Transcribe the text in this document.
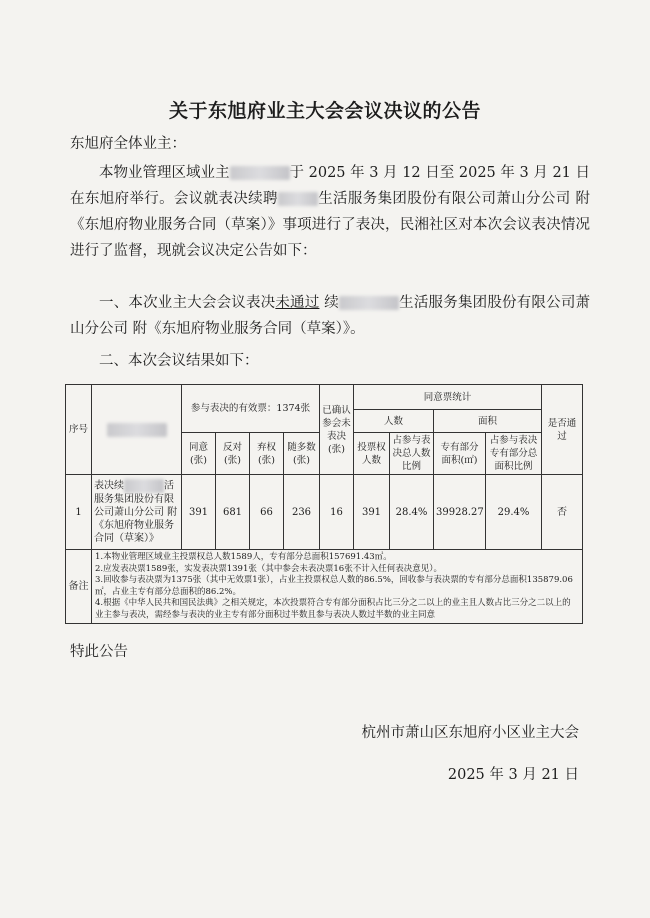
关于东旭府业主大会会议决议的公告
东旭府全体业主：
本物业管理区域业主	于 2025 年 3 月 12 日至 2025 年 3 月 21 日在东旭府举行。会议就表决续聘	生活服务集团股份有限公司萧山分公司 附《东旭府物业服务合同（草案）》事项进行了表决，民湘社区对本次会议表决情况进行了监督，现就会议决定公告如下：
一、本次业主大会会议表决未通过 续	生活服务集团股份有限公司萧山分公司 附《东旭府物业服务合同（草案）》。
二、本次会议结果如下：
序号		参与表决的有效票：1374张				已确认参会未表决(张)	同意票统计				是否通过
							人数		面积		
		同意(张)	反对(张)	弃权(张)	随多数(张)		投票权人数	占参与表决总人数比例	专有部分面积(㎡)	占参与表决专有部分总面积比例	
1	表决续 活服务集团股份有限公司萧山分公司 附《东旭府物业服务合同（草案）》	391	681	66	236	16	391	28.4%	39928.27	29.4%	否
备注	1.本物业管理区域业主投票权总人数1589人，专有部分总面积157691.43㎡。
2.应发表决票1589张，实发表决票1391张（其中参会未表决票16张不计入任何表决意见）。
3.回收参与表决票为1375张（其中无效票1张），占业主投票权总人数的86.5%，回收参与表决票的专有部分总面积135879.06㎡，占业主专有部分总面积的86.2%。
4.根据《中华人民共和国民法典》之相关规定，本次投票符合专有部分面积占比三分之二以上的业主且人数占比三分之二以上的业主参与表决，需经参与表决的业主专有部分面积过半数且参与表决人数过半数的业主同意										
特此公告
杭州市萧山区东旭府小区业主大会
2025 年 3 月 21 日
